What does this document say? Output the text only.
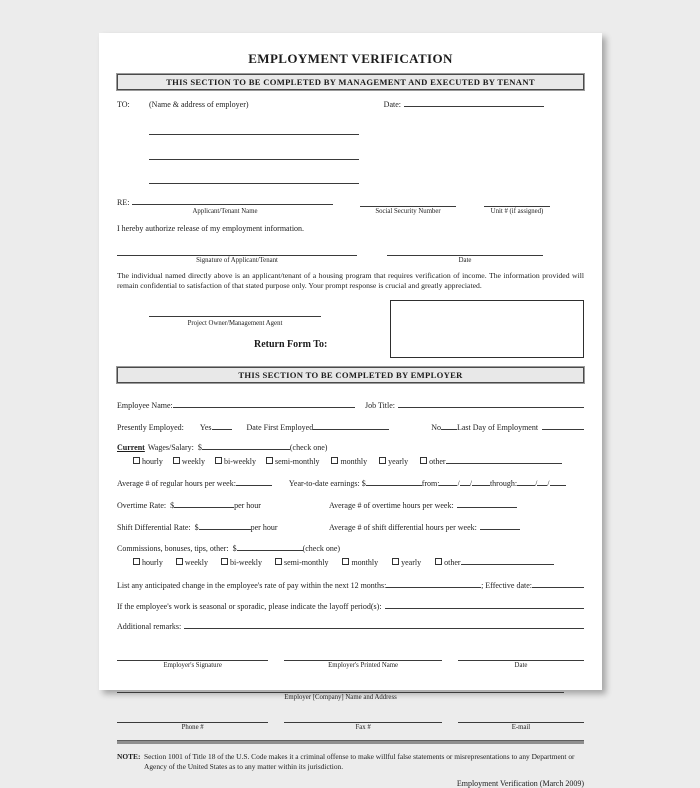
EMPLOYMENT VERIFICATION
THIS SECTION TO BE COMPLETED BY MANAGEMENT AND EXECUTED BY TENANT
TO:	(Name & address of employer)	Date:
RE:
Applicant/Tenant Name	Social Security Number	Unit # (if assigned)
I hereby authorize release of my employment information.
Signature of Applicant/Tenant	Date
The individual named directly above is an applicant/tenant of a housing program that requires verification of income. The information provided will remain confidential to satisfaction of that stated purpose only. Your prompt response is crucial and greatly appreciated.
Project Owner/Management Agent
Return Form To:
THIS SECTION TO BE COMPLETED BY EMPLOYER
Employee Name:	Job Title:
Presently Employed: Yes	Date First Employed	No Last Day of Employment
Current Wages/Salary:  $	(check one)
hourly weekly bi-weekly semi-monthly	monthly	yearly	other
Average # of regular hours per week:	Year-to-date earnings: $	from: / / through: / /
Overtime Rate:  $	per hour	Average # of overtime hours per week:
Shift Differential Rate:  $	per hour	Average # of shift differential hours per week:
Commissions, bonuses, tips, other:  $	(check one)
hourly	weekly	bi-weekly	semi-monthly	monthly	yearly	other
List any anticipated change in the employee's rate of pay within the next 12 months:	; Effective date:
If the employee's work is seasonal or sporadic, please indicate the layoff period(s):
Additional remarks:
Employer's Signature	Employer's Printed Name	Date
Employer [Company] Name and Address
Phone #	Fax #	E-mail
NOTE: Section 1001 of Title 18 of the U.S. Code makes it a criminal offense to make willful false statements or misrepresentations to any Department or Agency of the United States as to any matter within its jurisdiction.
Employment Verification (March 2009)
